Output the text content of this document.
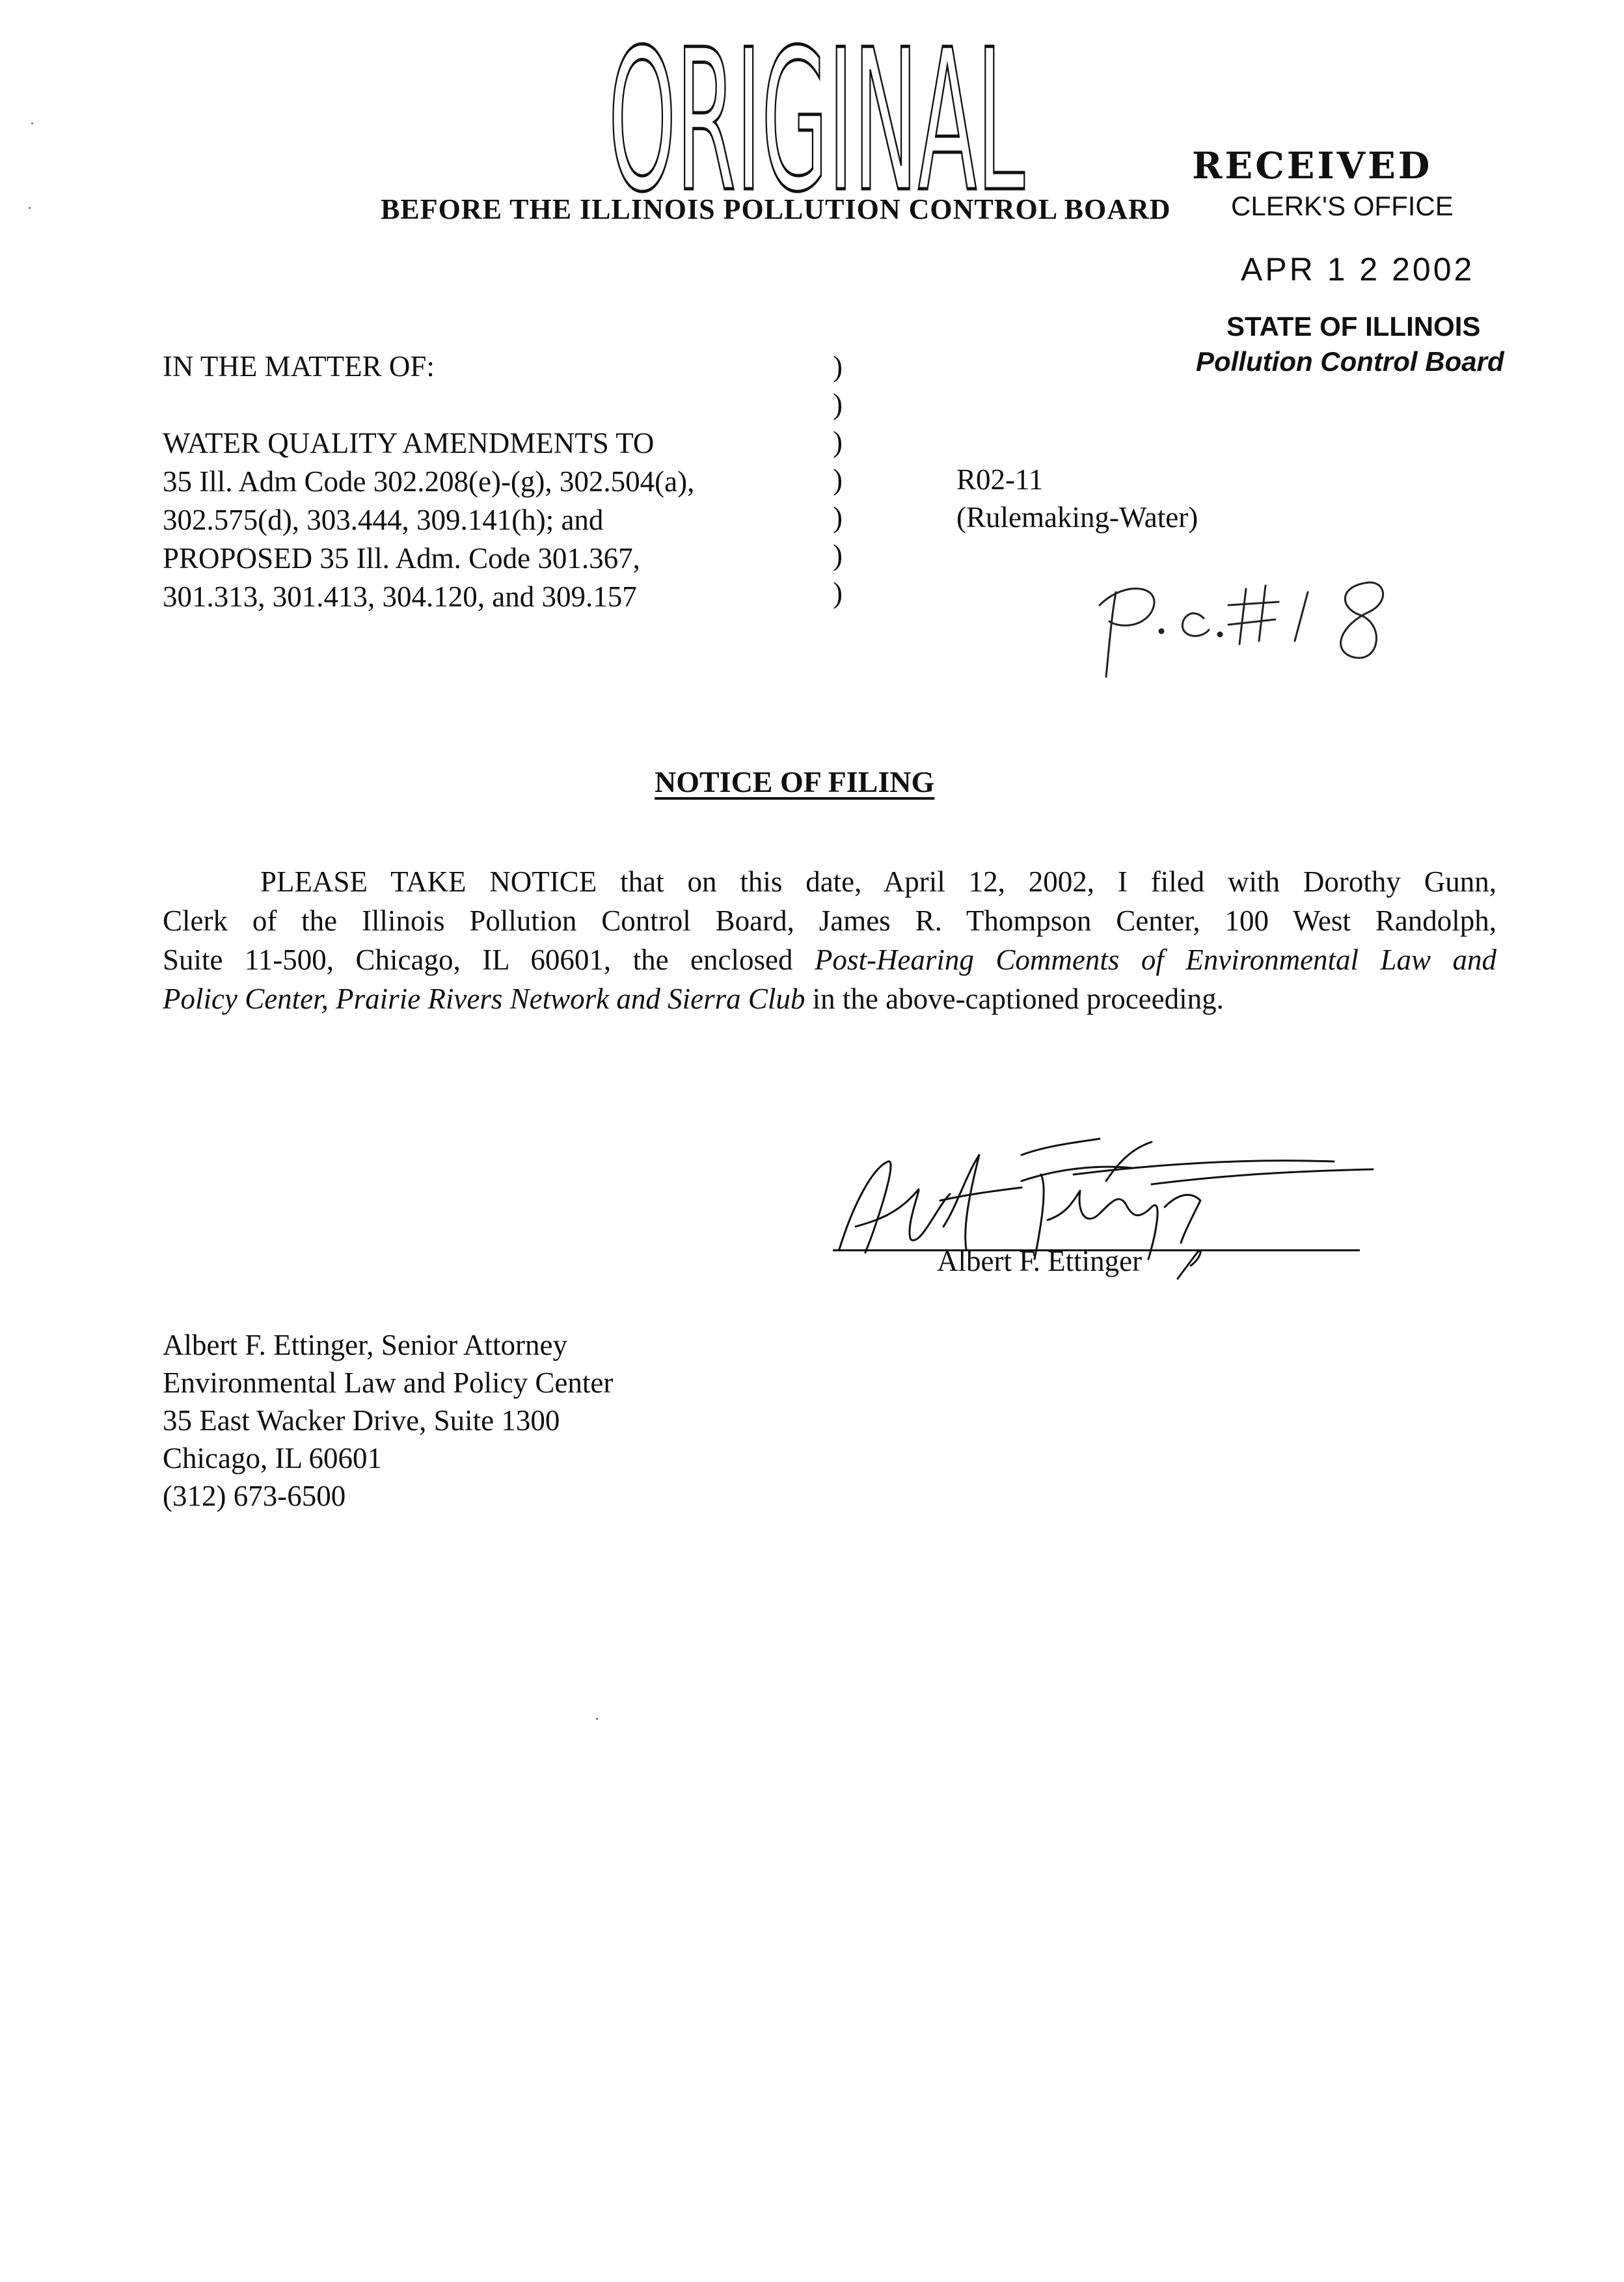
ORIGINAL
BEFORE THE ILLINOIS POLLUTION CONTROL BOARD
RECEIVED
CLERK'S OFFICE
APR 1 2 2002
STATE OF ILLINOIS
Pollution Control Board
IN THE MATTER OF:
WATER QUALITY AMENDMENTS TO
35 Ill. Adm Code 302.208(e)-(g), 302.504(a),
302.575(d), 303.444, 309.141(h); and
PROPOSED 35 Ill. Adm. Code 301.367,
301.313, 301.413, 304.120, and 309.157
)
)
)
)
)
)
)
R02-11
(Rulemaking-Water)
NOTICE OF FILING
PLEASE TAKE NOTICE that on this date, April 12, 2002, I filed with Dorothy Gunn,
Clerk of the Illinois Pollution Control Board, James R. Thompson Center, 100 West Randolph,
Suite 11-500, Chicago, IL 60601, the enclosed Post-Hearing Comments of Environmental Law and
Policy Center, Prairie Rivers Network and Sierra Club in the above-captioned proceeding.
Albert F. Ettinger
Albert F. Ettinger, Senior Attorney
Environmental Law and Policy Center
35 East Wacker Drive, Suite 1300
Chicago, IL 60601
(312) 673-6500
